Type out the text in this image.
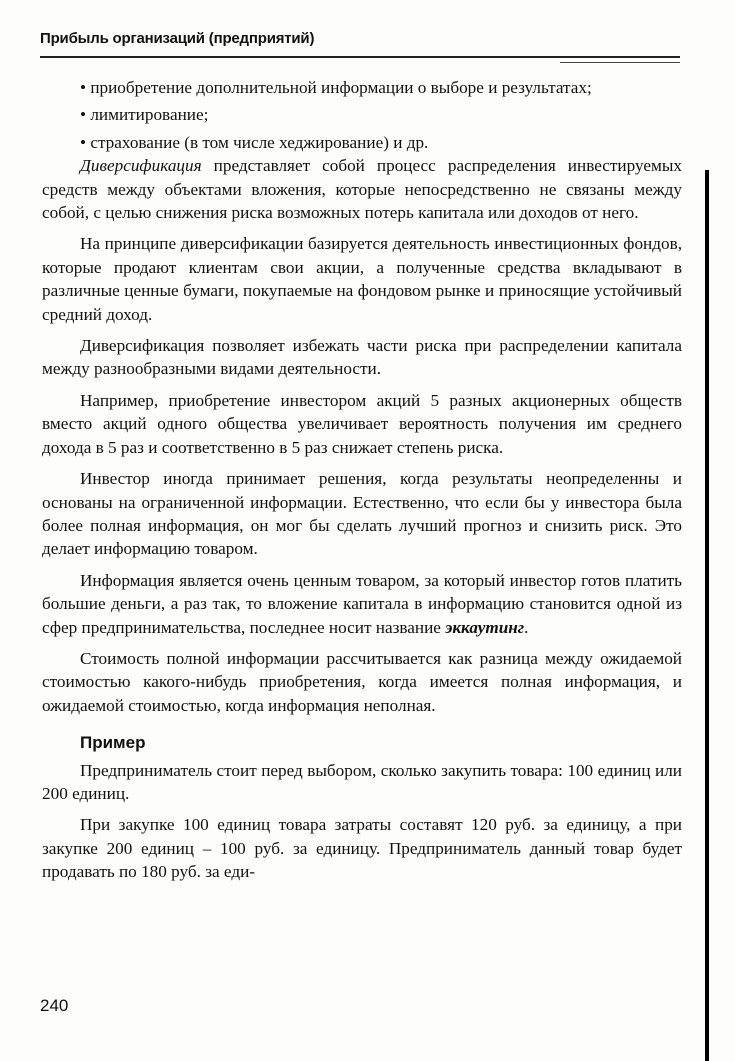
Прибыль организаций (предприятий)

• приобретение дополнительной информации о выборе и результатах;

• лимитирование;

• страхование (в том числе хеджирование) и др.

Диверсификация представляет собой процесс распределения инвестируемых средств между объектами вложения, которые непосредственно не связаны между собой, с целью снижения риска возможных потерь капитала или доходов от него.

На принципе диверсификации базируется деятельность инвестиционных фондов, которые продают клиентам свои акции, а полученные средства вкладывают в различные ценные бумаги, покупаемые на фондовом рынке и приносящие устойчивый средний доход.

Диверсификация позволяет избежать части риска при распределении капитала между разнообразными видами деятельности.

Например, приобретение инвестором акций 5 разных акционерных обществ вместо акций одного общества увеличивает вероятность получения им среднего дохода в 5 раз и соответственно в 5 раз снижает степень риска.

Инвестор иногда принимает решения, когда результаты неопределенны и основаны на ограниченной информации. Естественно, что если бы у инвестора была более полная информация, он мог бы сделать лучший прогноз и снизить риск. Это делает информацию товаром.

Информация является очень ценным товаром, за который инвестор готов платить большие деньги, а раз так, то вложение капитала в информацию становится одной из сфер предпринимательства, последнее носит название эккаутинг.

Стоимость полной информации рассчитывается как разница между ожидаемой стоимостью какого-нибудь приобретения, когда имеется полная информация, и ожидаемой стоимостью, когда информация неполная.

Пример

Предприниматель стоит перед выбором, сколько закупить товара: 100 единиц или 200 единиц.

При закупке 100 единиц товара затраты составят 120 руб. за единицу, а при закупке 200 единиц – 100 руб. за единицу. Предприниматель данный товар будет продавать по 180 руб. за еди-

240
